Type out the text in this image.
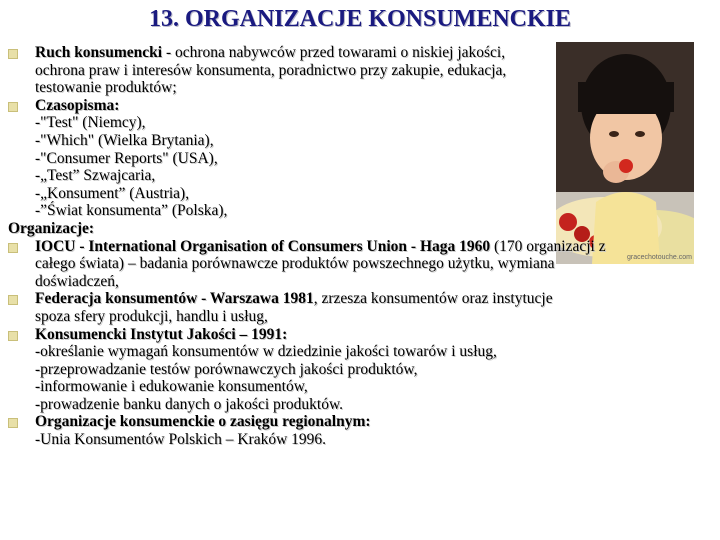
13. ORGANIZACJE KONSUMENCKIE
gracechotouche.com
Ruch konsumencki - ochrona nabywców przed towarami o niskiej jakości,
ochrona praw i interesów konsumenta, poradnictwo przy zakupie, edukacja,
testowanie produktów;
Czasopisma:
-"Test" (Niemcy),
-"Which" (Wielka Brytania),
-"Consumer Reports" (USA),
-„Test” Szwajcaria,
-„Konsument” (Austria),
-”Świat konsumenta” (Polska),
Organizacje:
IOCU - International Organisation of Consumers Union - Haga 1960 (170 organizacji z całego świata) – badania porównawcze produktów powszechnego użytku, wymiana doświadczeń,
Federacja konsumentów - Warszawa 1981, zrzesza konsumentów oraz instytucje spoza sfery produkcji, handlu i usług,
Konsumencki Instytut Jakości – 1991:
-określanie wymagań konsumentów w dziedzinie jakości towarów i usług,
-przeprowadzanie testów porównawczych jakości produktów,
-informowanie i edukowanie konsumentów,
-prowadzenie banku danych o jakości produktów.
Organizacje konsumenckie o zasięgu regionalnym:
-Unia Konsumentów Polskich – Kraków 1996.
